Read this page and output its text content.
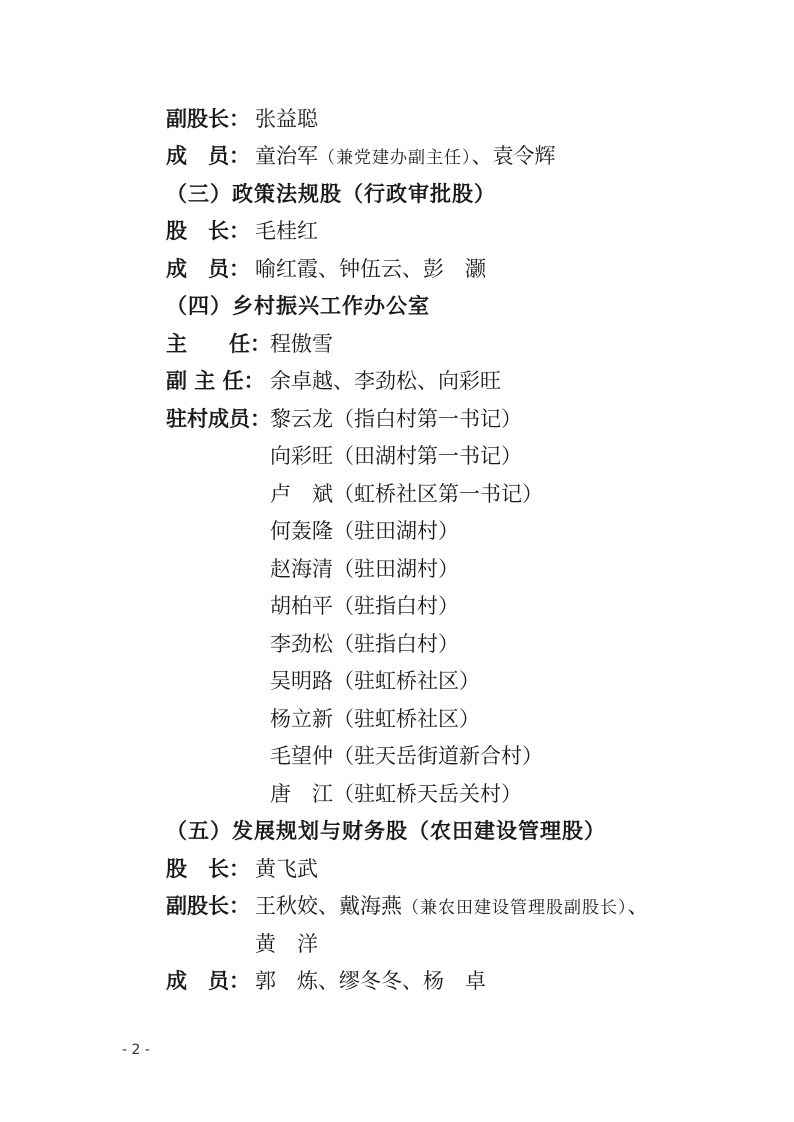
副股长： 张益聪
成　员： 童治军（兼党建办副主任）、袁令辉
（三）政策法规股（行政审批股）
股　长： 毛桂红
成　员： 喻红霞、钟伍云、彭　灏
（四）乡村振兴工作办公室
主　　任： 程傲雪
副 主 任： 余卓越、李劲松、向彩旺
驻村成员： 黎云龙（指白村第一书记）
向彩旺（田湖村第一书记）
卢　斌（虹桥社区第一书记）
何轰隆（驻田湖村）
赵海清（驻田湖村）
胡柏平（驻指白村）
李劲松（驻指白村）
吴明路（驻虹桥社区）
杨立新（驻虹桥社区）
毛望仲（驻天岳街道新合村）
唐　江（驻虹桥天岳关村）
（五）发展规划与财务股（农田建设管理股）
股　长： 黄飞武
副股长： 王秋姣、戴海燕（兼农田建设管理股副股长）、
黄　洋
成　员： 郭　炼、缪冬冬、杨　卓
- 2 -
